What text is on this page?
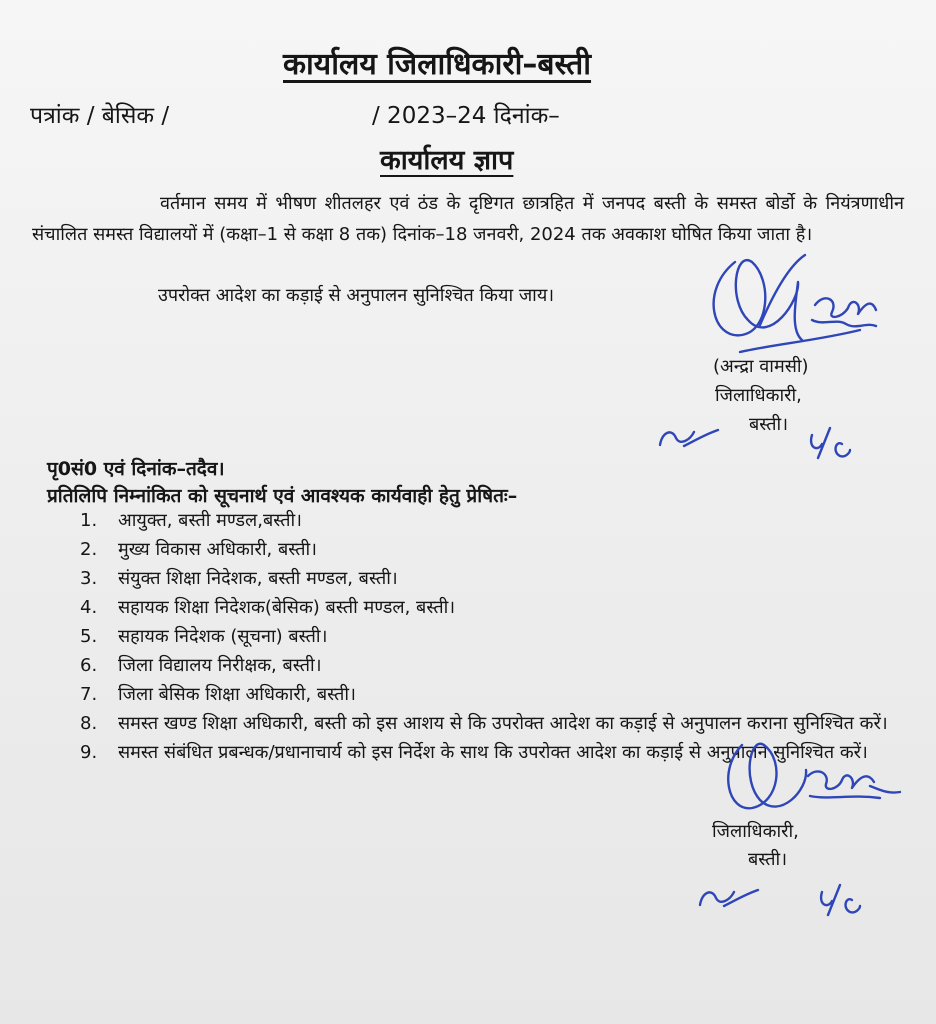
कार्यालय जिलाधिकारी–बस्ती
पत्रांक / बेसिक /	/ 2023–24 दिनांक–
कार्यालय ज्ञाप
वर्तमान समय में भीषण शीतलहर एवं ठंड के दृष्टिगत छात्रहित में जनपद बस्ती के समस्त बोर्डो के नियंत्रणाधीन संचालित समस्त विद्यालयों में (कक्षा–1 से कक्षा 8 तक) दिनांक–18 जनवरी, 2024 तक अवकाश घोषित किया जाता है।
उपरोक्त आदेश का कड़ाई से अनुपालन सुनिश्चित किया जाय।
(अन्द्रा वामसी)
जिलाधिकारी,
बस्ती।
पृ0सं0 एवं दिनांक–तदैव।
प्रतिलिपि निम्नांकित को सूचनार्थ एवं आवश्यक कार्यवाही हेतु प्रेषितः–
1.	आयुक्त, बस्ती मण्डल,बस्ती।
2.	मुख्य विकास अधिकारी, बस्ती।
3.	संयुक्त शिक्षा निदेशक, बस्ती मण्डल, बस्ती।
4.	सहायक शिक्षा निदेशक(बेसिक) बस्ती मण्डल, बस्ती।
5.	सहायक निदेशक (सूचना) बस्ती।
6.	जिला विद्यालय निरीक्षक, बस्ती।
7.	जिला बेसिक शिक्षा अधिकारी, बस्ती।
8.	समस्त खण्ड शिक्षा अधिकारी, बस्ती को इस आशय से कि उपरोक्त आदेश का कड़ाई से अनुपालन कराना सुनिश्चित करें।
9.	समस्त संबंधित प्रबन्धक/प्रधानाचार्य को इस निर्देश के साथ कि उपरोक्त आदेश का कड़ाई से अनुपालन सुनिश्चित करें।
जिलाधिकारी,
बस्ती।
